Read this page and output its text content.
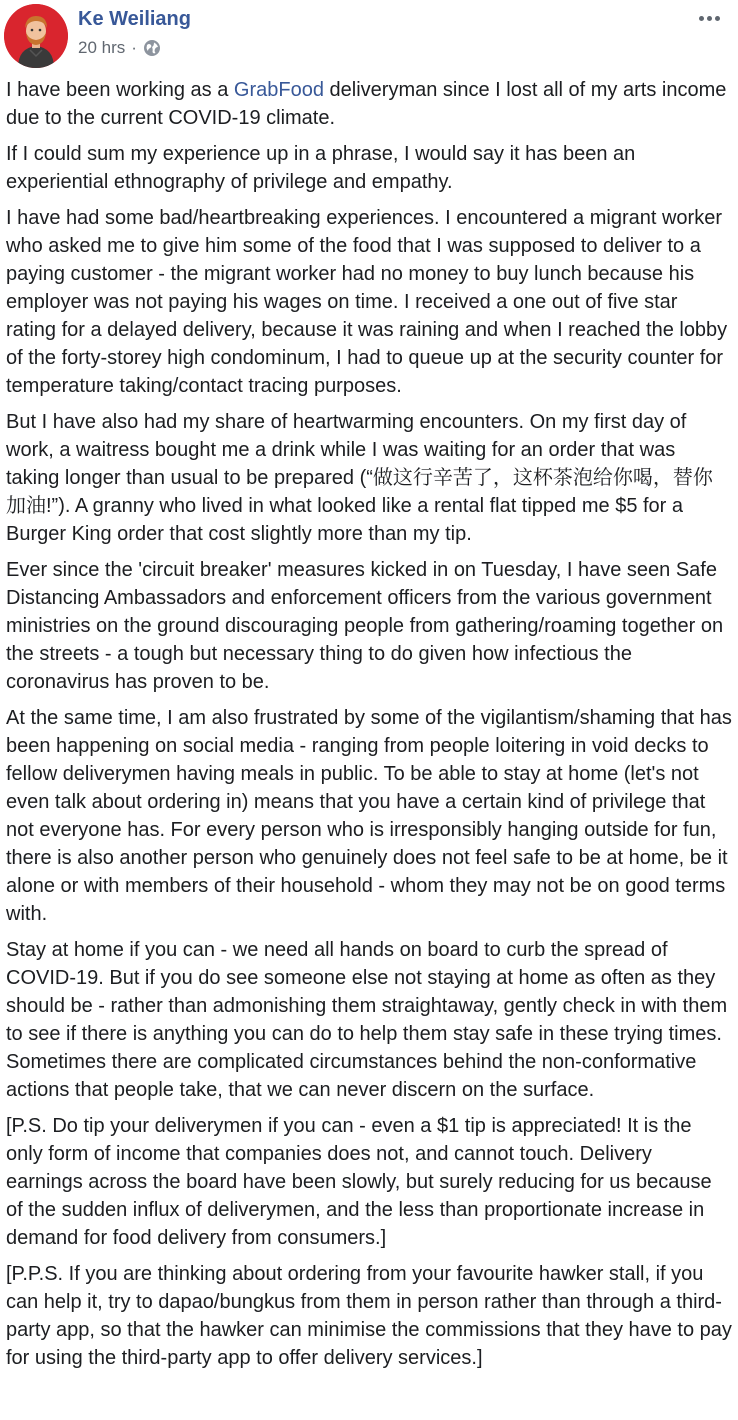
Ke Weiliang
20 hrs ·

I have been working as a GrabFood deliveryman since I lost all of my arts income due to the current COVID-19 climate.

If I could sum my experience up in a phrase, I would say it has been an experiential ethnography of privilege and empathy.

I have had some bad/heartbreaking experiences. I encountered a migrant worker who asked me to give him some of the food that I was supposed to deliver to a paying customer - the migrant worker had no money to buy lunch because his employer was not paying his wages on time. I received a one out of five star rating for a delayed delivery, because it was raining and when I reached the lobby of the forty-storey high condominum, I had to queue up at the security counter for temperature taking/contact tracing purposes.

But I have also had my share of heartwarming encounters. On my first day of work, a waitress bought me a drink while I was waiting for an order that was taking longer than usual to be prepared (“做这行辛苦了，这杯茶泡给你喝，替你加油!”). A granny who lived in what looked like a rental flat tipped me $5 for a Burger King order that cost slightly more than my tip.

Ever since the 'circuit breaker' measures kicked in on Tuesday, I have seen Safe Distancing Ambassadors and enforcement officers from the various government ministries on the ground discouraging people from gathering/roaming together on the streets - a tough but necessary thing to do given how infectious the coronavirus has proven to be.

At the same time, I am also frustrated by some of the vigilantism/shaming that has been happening on social media - ranging from people loitering in void decks to fellow deliverymen having meals in public. To be able to stay at home (let's not even talk about ordering in) means that you have a certain kind of privilege that not everyone has. For every person who is irresponsibly hanging outside for fun, there is also another person who genuinely does not feel safe to be at home, be it alone or with members of their household - whom they may not be on good terms with.

Stay at home if you can - we need all hands on board to curb the spread of COVID-19. But if you do see someone else not staying at home as often as they should be - rather than admonishing them straightaway, gently check in with them to see if there is anything you can do to help them stay safe in these trying times. Sometimes there are complicated circumstances behind the non-conformative actions that people take, that we can never discern on the surface.

[P.S. Do tip your deliverymen if you can - even a $1 tip is appreciated! It is the only form of income that companies does not, and cannot touch. Delivery earnings across the board have been slowly, but surely reducing for us because of the sudden influx of deliverymen, and the less than proportionate increase in demand for food delivery from consumers.]

[P.P.S. If you are thinking about ordering from your favourite hawker stall, if you can help it, try to dapao/bungkus from them in person rather than through a third-party app, so that the hawker can minimise the commissions that they have to pay for using the third-party app to offer delivery services.]
